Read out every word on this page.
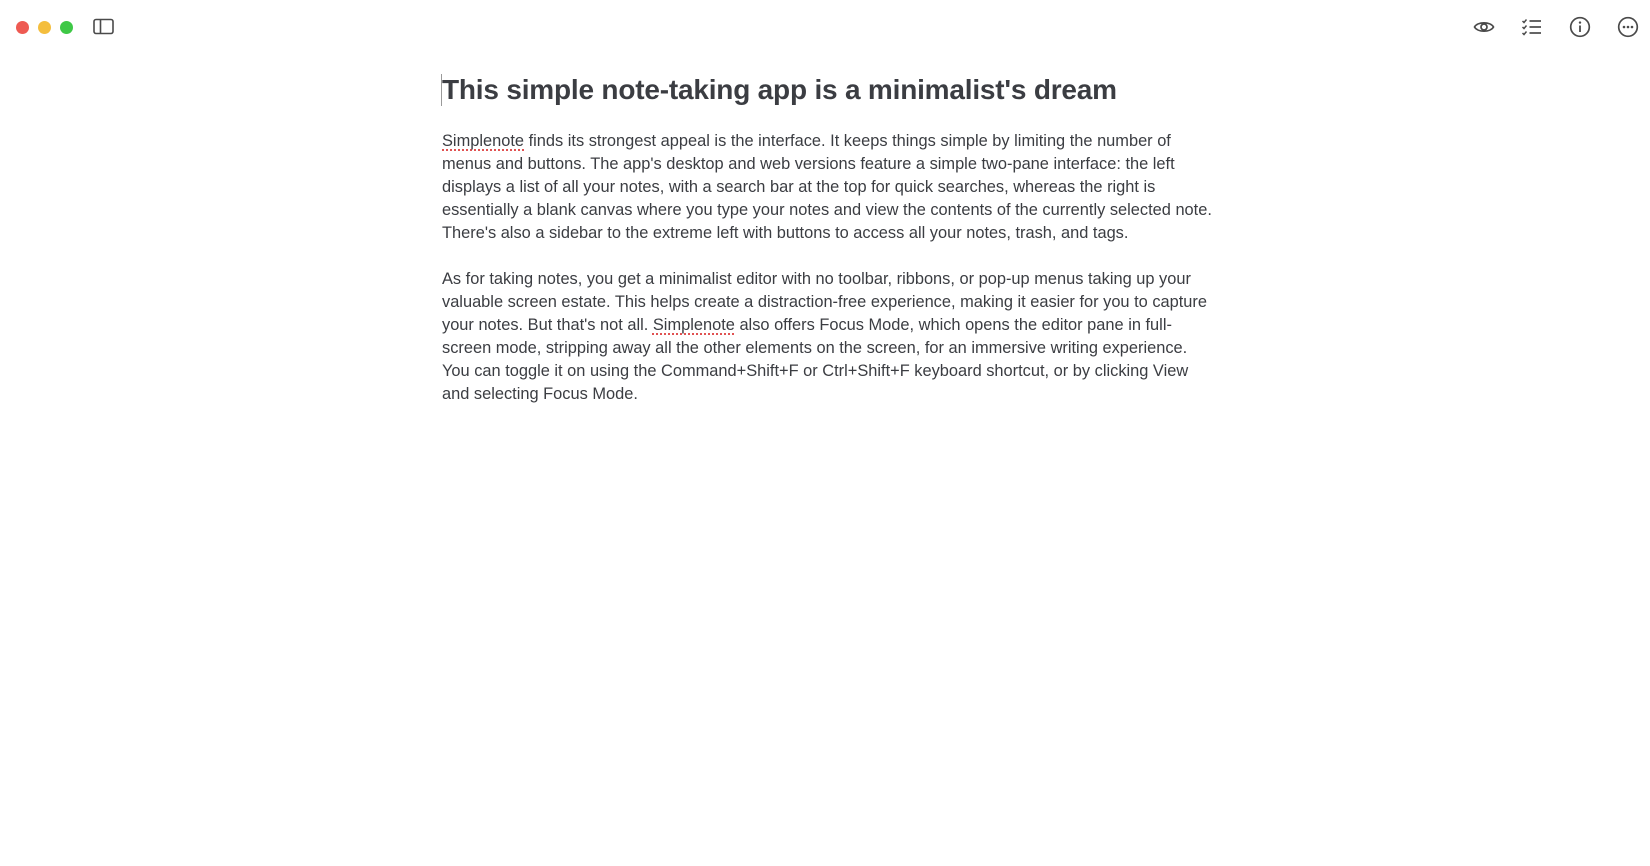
This simple note-taking app is a minimalist's dream

Simplenote finds its strongest appeal is the interface. It keeps things simple by limiting the number of menus and buttons. The app's desktop and web versions feature a simple two-pane interface: the left displays a list of all your notes, with a search bar at the top for quick searches, whereas the right is essentially a blank canvas where you type your notes and view the contents of the currently selected note. There's also a sidebar to the extreme left with buttons to access all your notes, trash, and tags.

As for taking notes, you get a minimalist editor with no toolbar, ribbons, or pop-up menus taking up your valuable screen estate. This helps create a distraction-free experience, making it easier for you to capture your notes. But that's not all. Simplenote also offers Focus Mode, which opens the editor pane in full-screen mode, stripping away all the other elements on the screen, for an immersive writing experience. You can toggle it on using the Command+Shift+F or Ctrl+Shift+F keyboard shortcut, or by clicking View and selecting Focus Mode.
